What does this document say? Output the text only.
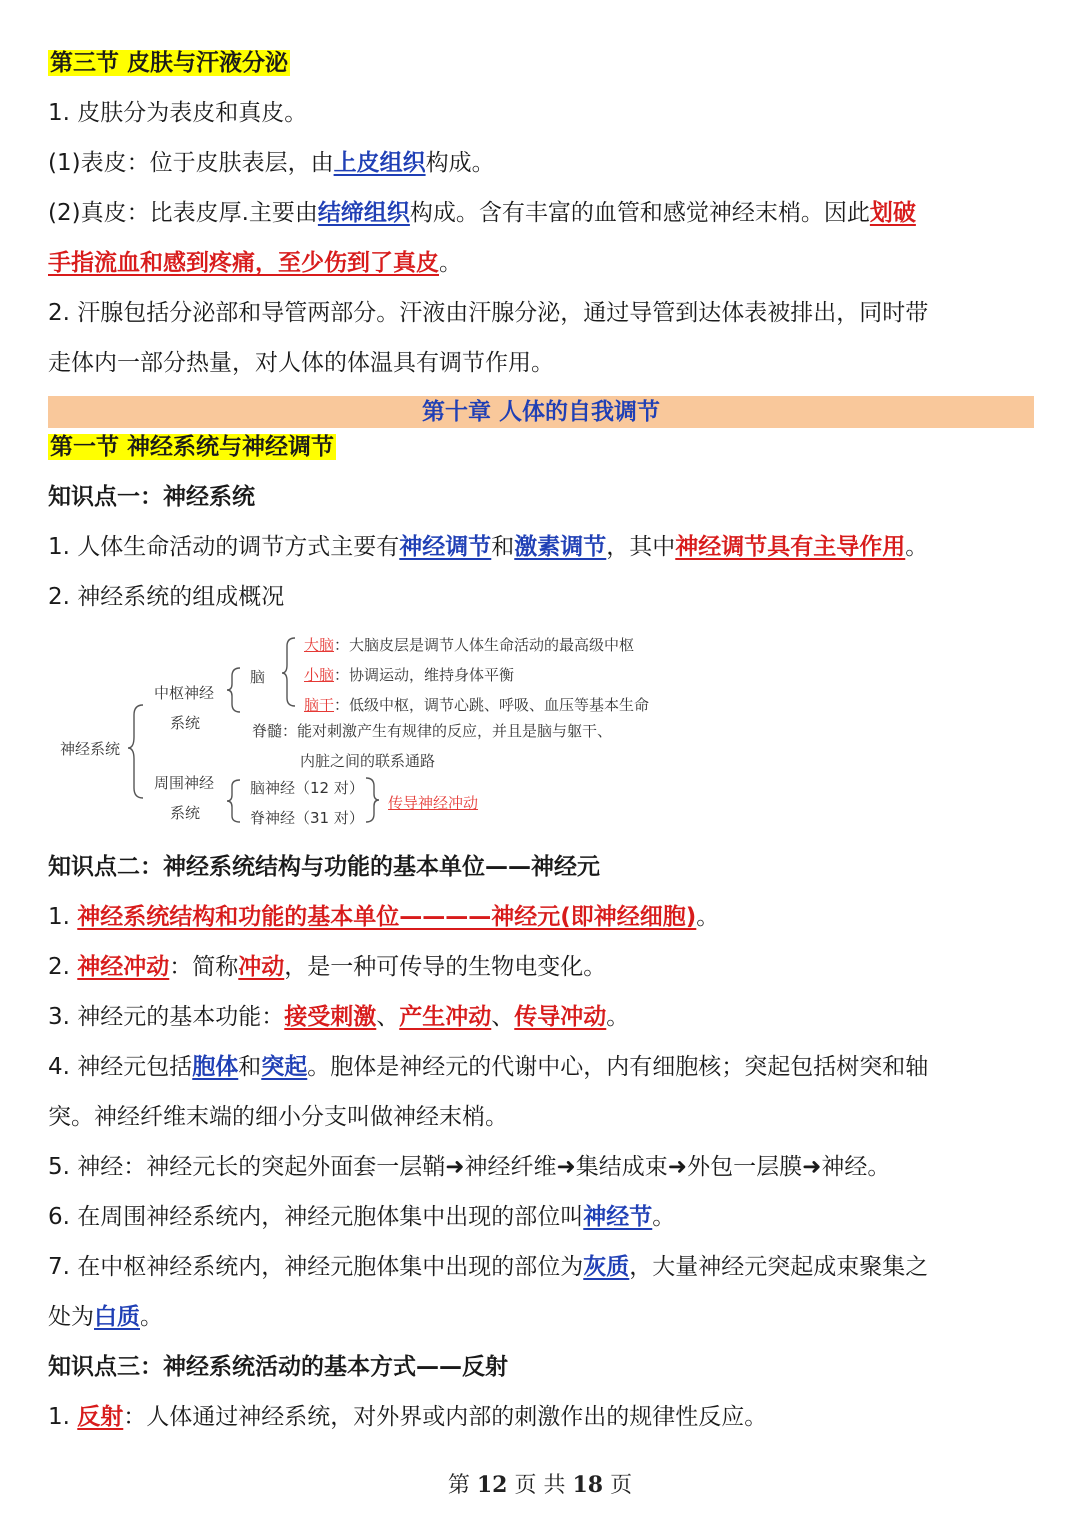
第三节 皮肤与汗液分泌
1. 皮肤分为表皮和真皮。
(1)表皮：位于皮肤表层，由上皮组织构成。
(2)真皮：比表皮厚.主要由结缔组织构成。含有丰富的血管和感觉神经末梢。因此划破
手指流血和感到疼痛，至少伤到了真皮。
2. 汗腺包括分泌部和导管两部分。汗液由汗腺分泌，通过导管到达体表被排出，同时带
走体内一部分热量，对人体的体温具有调节作用。
第十章 人体的自我调节
第一节 神经系统与神经调节
知识点一：神经系统
1. 人体生命活动的调节方式主要有神经调节和激素调节，其中神经调节具有主导作用。
2. 神经系统的组成概况
神经系统
中枢神经
系统
脑
大脑：大脑皮层是调节人体生命活动的最高级中枢
小脑：协调运动，维持身体平衡
脑干：低级中枢，调节心跳、呼吸、血压等基本生命
脊髓：能对刺激产生有规律的反应，并且是脑与躯干、
内脏之间的联系通路
周围神经
系统
脑神经（12 对）
脊神经（31 对）
传导神经冲动
知识点二：神经系统结构与功能的基本单位——神经元
1. 神经系统结构和功能的基本单位————神经元(即神经细胞)。
2. 神经冲动：简称冲动，是一种可传导的生物电变化。
3. 神经元的基本功能：接受刺激、产生冲动、传导冲动。
4. 神经元包括胞体和突起。胞体是神经元的代谢中心，内有细胞核；突起包括树突和轴
突。神经纤维末端的细小分支叫做神经末梢。
5. 神经：神经元长的突起外面套一层鞘➜神经纤维➜集结成束➜外包一层膜➜神经。
6. 在周围神经系统内，神经元胞体集中出现的部位叫神经节。
7. 在中枢神经系统内，神经元胞体集中出现的部位为灰质，大量神经元突起成束聚集之
处为白质。
知识点三：神经系统活动的基本方式——反射
1. 反射：人体通过神经系统，对外界或内部的刺激作出的规律性反应。
第 12 页 共 18 页
